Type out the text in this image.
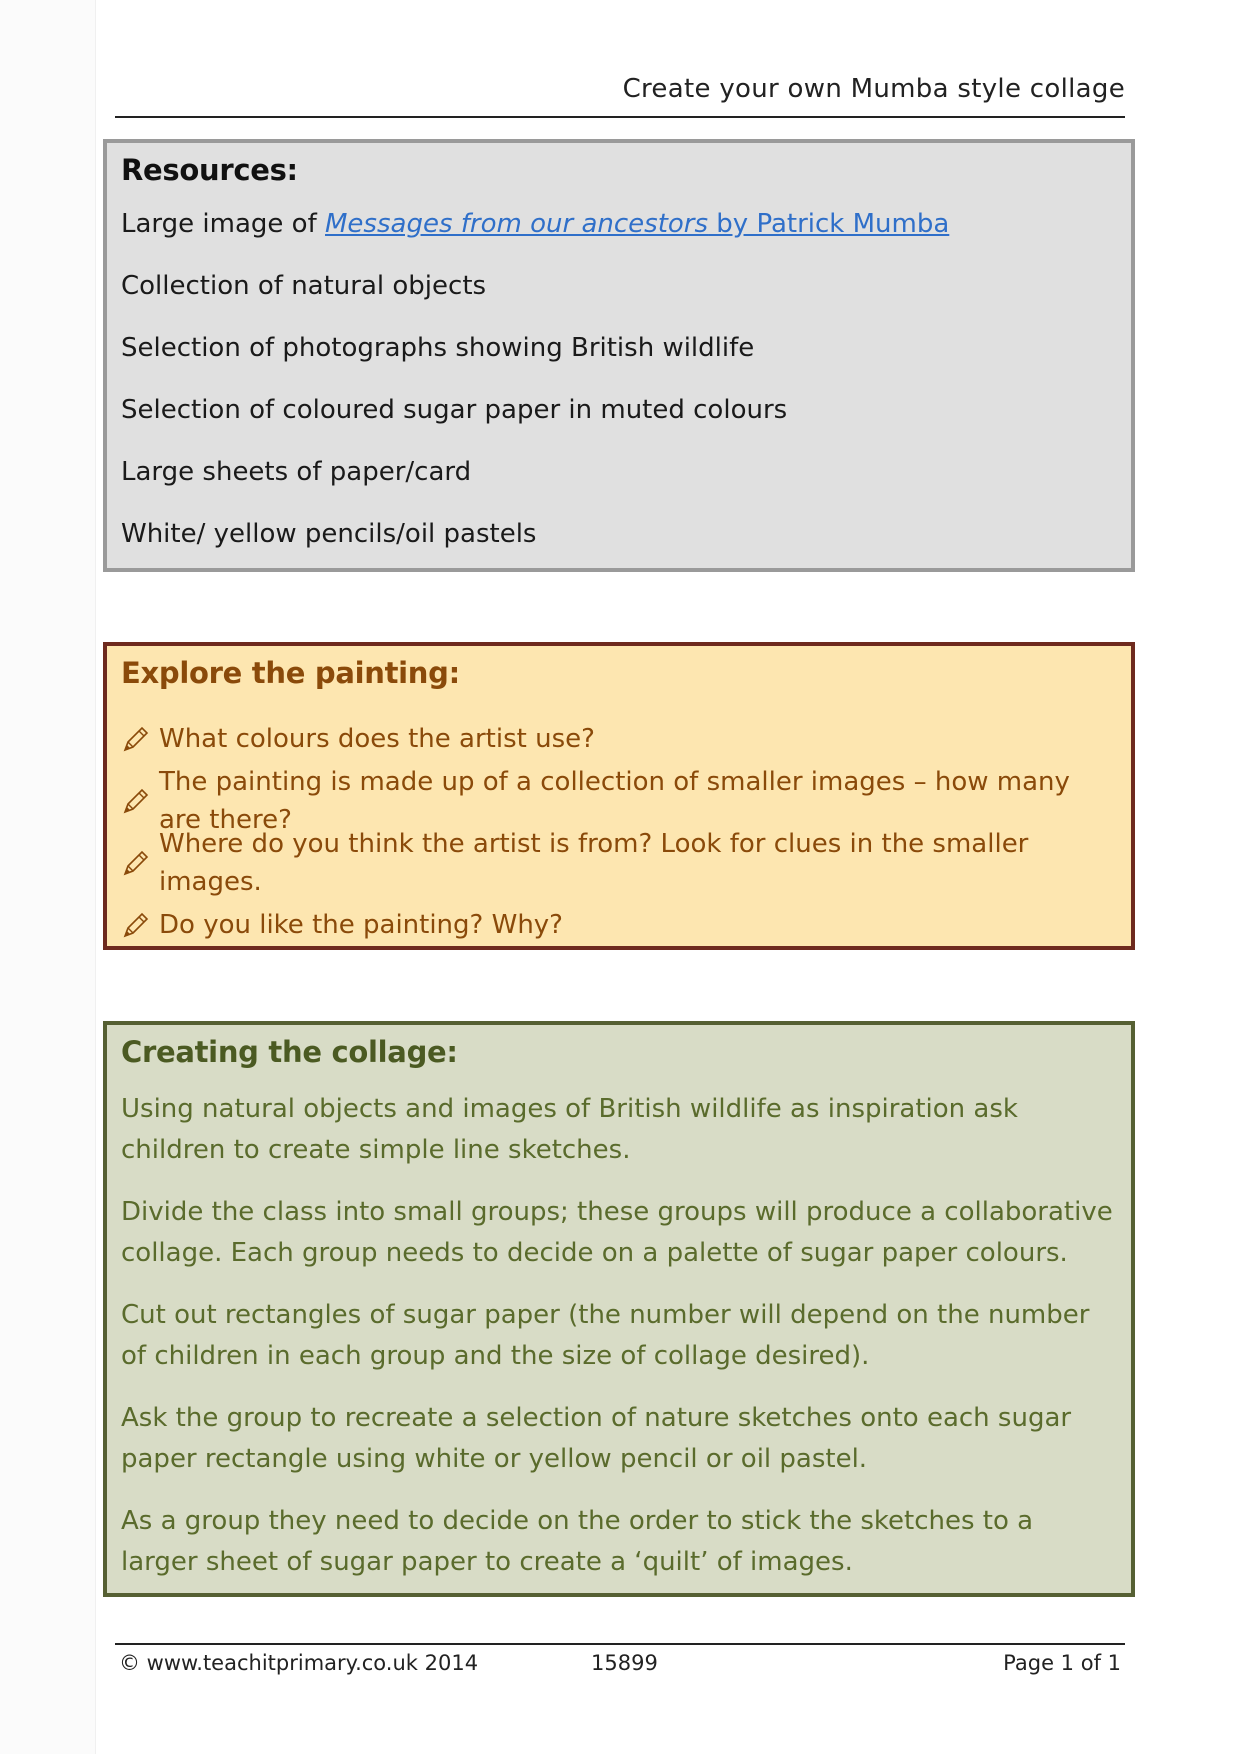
Create your own Mumba style collage
Resources:
Large image of Messages from our ancestors by Patrick Mumba
Collection of natural objects
Selection of photographs showing British wildlife
Selection of coloured sugar paper in muted colours
Large sheets of paper/card
White/ yellow pencils/oil pastels
Explore the painting:
What colours does the artist use?
The painting is made up of a collection of smaller images – how many are there?
Where do you think the artist is from? Look for clues in the smaller images.
Do you like the painting? Why?
Creating the collage:

Using natural objects and images of British wildlife as inspiration ask children to create simple line sketches.

Divide the class into small groups; these groups will produce a collaborative collage. Each group needs to decide on a palette of sugar paper colours.

Cut out rectangles of sugar paper (the number will depend on the number of children in each group and the size of collage desired).

Ask the group to recreate a selection of nature sketches onto each sugar paper rectangle using white or yellow pencil or oil pastel.

As a group they need to decide on the order to stick the sketches to a larger sheet of sugar paper to create a ‘quilt’ of images.

© www.teachitprimary.co.uk 2014	15899	Page 1 of 1
